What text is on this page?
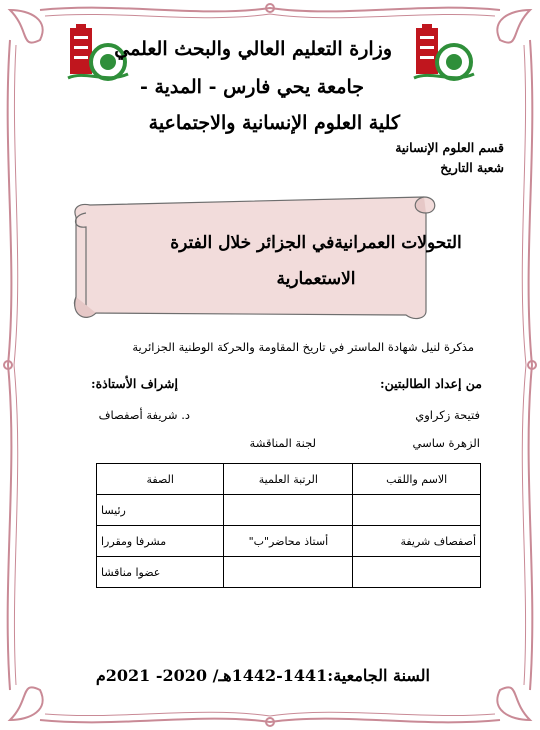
وزارة التعليم العالي والبحث العلمي
جامعة يحي فارس - المدية -
كلية العلوم الإنسانية والاجتماعية
قسم العلوم الإنسانية
شعبة التاريخ
التحولات العمرانيةفي الجزائر خلال الفترة
الاستعمارية
مذكرة لنيل شهادة الماستر في تاريخ المقاومة والحركة الوطنية الجزائرية
من إعداد الطالبتين:
إشراف الأستاذة:
فتيحة زكراوي
د. شريفة أصفصاف
الزهرة ساسي
لجنة المناقشة
الاسم واللقب	الرتبة العلمية	الصفة
		رئيسا
أصفصاف شريفة	أستاذ محاضر"ب"	مشرفا ومقررا
		عضوا مناقشا
السنة الجامعية:1441-1442هـ/ 2020- 2021م
